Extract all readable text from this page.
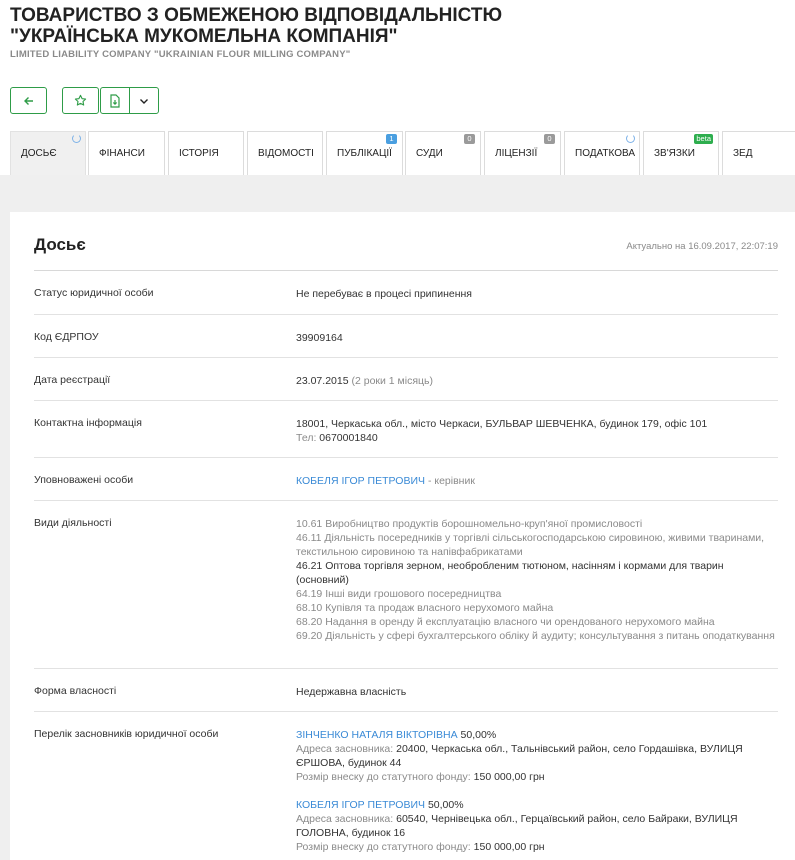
ТОВАРИСТВО З ОБМЕЖЕНОЮ ВІДПОВІДАЛЬНІСТЮ "УКРАЇНСЬКА МУКОМЕЛЬНА КОМПАНІЯ"
LIMITED LIABILITY COMPANY "UKRAINIAN FLOUR MILLING COMPANY"
ДОСЬЄ	ФІНАНСИ	ІСТОРІЯ	ВІДОМОСТІ ПУБЛІКАЦІЇ
1
СУДИ
0
ЛІЦЕНЗІЇ
0
ПОДАТКОВА ЗВ'ЯЗКИ
beta
ЗЕД
Досьє	Актуально на 16.09.2017, 22:07:19
Статус юридичної особи	Не перебуває в процесі припинення
Код ЄДРПОУ	39909164
Дата реєстрації	23.07.2015 (2 роки 1 місяць)
Контактна інформація	18001, Черкаська обл., місто Черкаси, БУЛЬВАР ШЕВЧЕНКА, будинок 179, офіс 101
Тел: 0670001840
Уповноважені особи	КОБЕЛЯ ІГОР ПЕТРОВИЧ - керівник
Види діяльності	10.61 Виробництво продуктів борошномельно-круп'яної промисловості
46.11 Діяльність посередників у торгівлі сільськогосподарською сировиною, живими тваринами, текстильною сировиною та напівфабрикатами
46.21 Оптова торгівля зерном, необробленим тютюном, насінням і кормами для тварин (основний)
64.19 Інші види грошового посередництва
68.10 Купівля та продаж власного нерухомого майна
68.20 Надання в оренду й експлуатацію власного чи орендованого нерухомого майна
69.20 Діяльність у сфері бухгалтерського обліку й аудиту; консультування з питань оподаткування
Форма власності	Недержавна власність
Перелік засновників юридичної особи	ЗІНЧЕНКО НАТАЛЯ ВІКТОРІВНА 50,00%
Адреса засновника: 20400, Черкаська обл., Тальнівський район, село Гордашівка, ВУЛИЦЯ ЄРШОВА, будинок 44
Розмір внеску до статутного фонду: 150 000,00 грн
КОБЕЛЯ ІГОР ПЕТРОВИЧ 50,00%
Адреса засновника: 60540, Чернівецька обл., Герцаївський район, село Байраки, ВУЛИЦЯ ГОЛОВНА, будинок 16
Розмір внеску до статутного фонду: 150 000,00 грн
